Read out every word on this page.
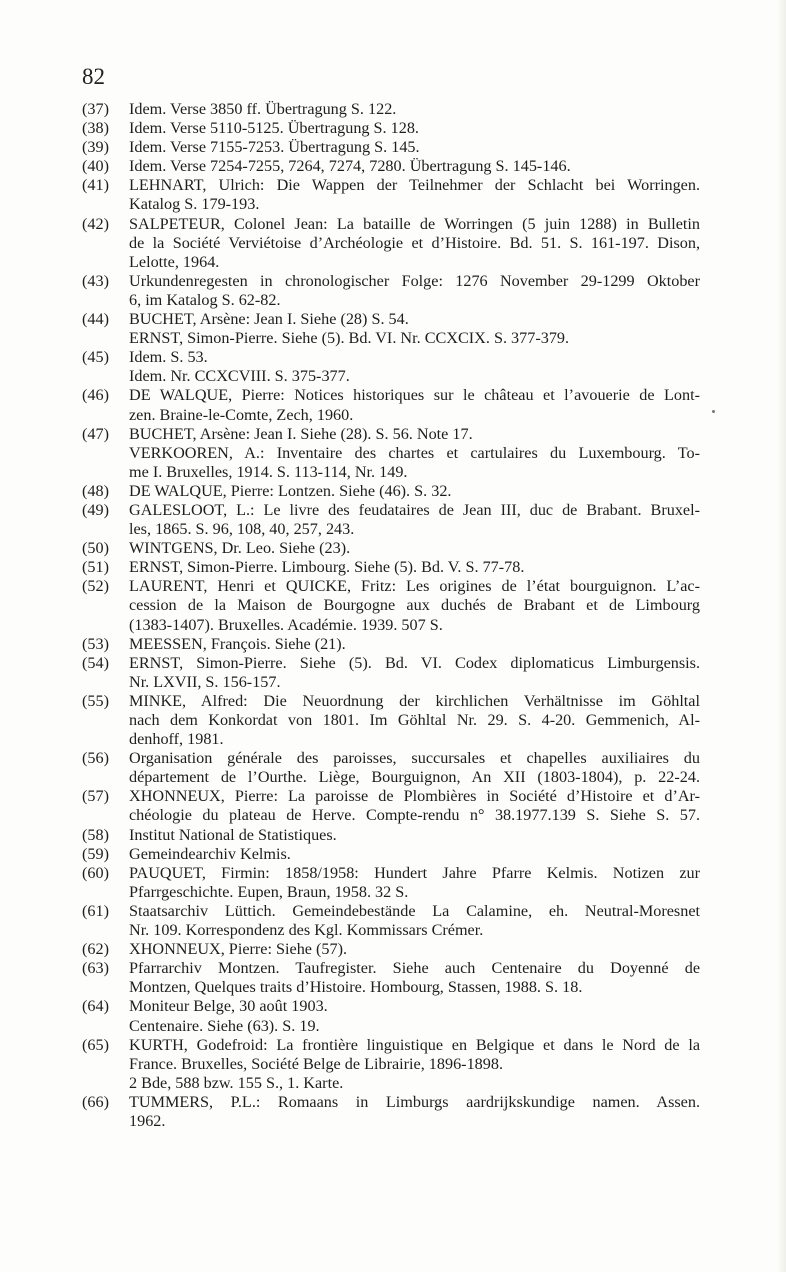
82
(37)	Idem. Verse 3850 ff. Übertragung S. 122.
(38)	Idem. Verse 5110-5125. Übertragung S. 128.
(39)	Idem. Verse 7155-7253. Übertragung S. 145.
(40)	Idem. Verse 7254-7255, 7264, 7274, 7280. Übertragung S. 145-146.
(41)	LEHNART, Ulrich: Die Wappen der Teilnehmer der Schlacht bei Worringen.
Katalog S. 179-193.
(42)	SALPETEUR, Colonel Jean: La bataille de Worringen (5 juin 1288) in Bulletin
de la Société Verviétoise d’Archéologie et d’Histoire. Bd. 51. S. 161-197. Dison,
Lelotte, 1964.
(43)	Urkundenregesten in chronologischer Folge: 1276 November 29-1299 Oktober
6, im Katalog S. 62-82.
(44)	BUCHET, Arsène: Jean I. Siehe (28) S. 54.
ERNST, Simon-Pierre. Siehe (5). Bd. VI. Nr. CCXCIX. S. 377-379.
(45)	Idem. S. 53.
Idem. Nr. CCXCVIII. S. 375-377.
(46)	DE WALQUE, Pierre: Notices historiques sur le château et l’avouerie de Lont-
zen. Braine-le-Comte, Zech, 1960.
(47)	BUCHET, Arsène: Jean I. Siehe (28). S. 56. Note 17.
VERKOOREN, A.: Inventaire des chartes et cartulaires du Luxembourg. To-
me I. Bruxelles, 1914. S. 113-114, Nr. 149.
(48)	DE WALQUE, Pierre: Lontzen. Siehe (46). S. 32.
(49)	GALESLOOT, L.: Le livre des feudataires de Jean III, duc de Brabant. Bruxel-
les, 1865. S. 96, 108, 40, 257, 243.
(50)	WINTGENS, Dr. Leo. Siehe (23).
(51)	ERNST, Simon-Pierre. Limbourg. Siehe (5). Bd. V. S. 77-78.
(52)	LAURENT, Henri et QUICKE, Fritz: Les origines de l’état bourguignon. L’ac-
cession de la Maison de Bourgogne aux duchés de Brabant et de Limbourg
(1383-1407). Bruxelles. Académie. 1939. 507 S.
(53)	MEESSEN, François. Siehe (21).
(54)	ERNST, Simon-Pierre. Siehe (5). Bd. VI. Codex diplomaticus Limburgensis.
Nr. LXVII, S. 156-157.
(55)	MINKE, Alfred: Die Neuordnung der kirchlichen Verhältnisse im Göhltal
nach dem Konkordat von 1801. Im Göhltal Nr. 29. S. 4-20. Gemmenich, Al-
denhoff, 1981.
(56)	Organisation générale des paroisses, succursales et chapelles auxiliaires du
département de l’Ourthe. Liège, Bourguignon, An XII (1803-1804), p. 22-24.
(57)	XHONNEUX, Pierre: La paroisse de Plombières in Société d’Histoire et d’Ar-
chéologie du plateau de Herve. Compte-rendu n° 38.1977.139 S. Siehe S. 57.
(58)	Institut National de Statistiques.
(59)	Gemeindearchiv Kelmis.
(60)	PAUQUET, Firmin: 1858/1958: Hundert Jahre Pfarre Kelmis. Notizen zur
Pfarrgeschichte. Eupen, Braun, 1958. 32 S.
(61)	Staatsarchiv Lüttich. Gemeindebestände La Calamine, eh. Neutral-Moresnet
Nr. 109. Korrespondenz des Kgl. Kommissars Crémer.
(62)	XHONNEUX, Pierre: Siehe (57).
(63)	Pfarrarchiv Montzen. Taufregister. Siehe auch Centenaire du Doyenné de
Montzen, Quelques traits d’Histoire. Hombourg, Stassen, 1988. S. 18.
(64)	Moniteur Belge, 30 août 1903.
Centenaire. Siehe (63). S. 19.
(65)	KURTH, Godefroid: La frontière linguistique en Belgique et dans le Nord de la
France. Bruxelles, Société Belge de Librairie, 1896-1898.
2 Bde, 588 bzw. 155 S., 1. Karte.
(66)	TUMMERS, P.L.: Romaans in Limburgs aardrijkskundige namen. Assen.
1962.
